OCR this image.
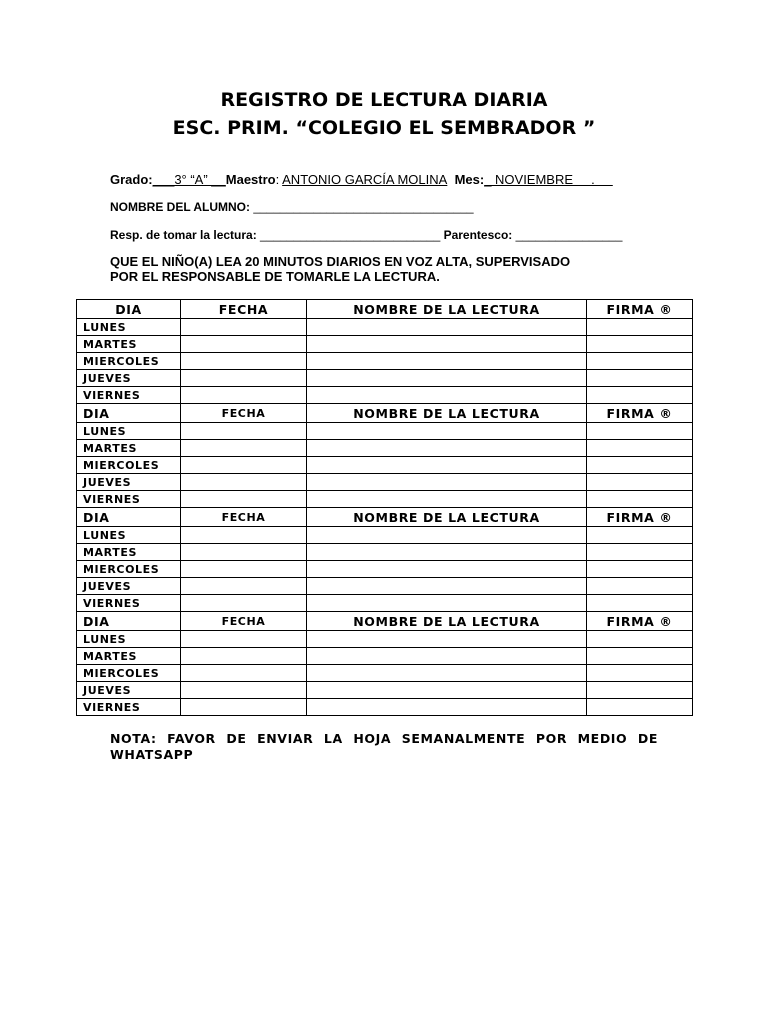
REGISTRO DE LECTURA DIARIA
ESC. PRIM. “COLEGIO EL SEMBRADOR ”
Grado:___3° “A” __Maestro: ANTONIO GARCÍA MOLINA Mes:_ NOVIEMBRE     .
NOMBRE DEL ALUMNO: _________________________________
Resp. de tomar la lectura: ___________________________ Parentesco: ________________
QUE EL NIÑO(A) LEA 20 MINUTOS DIARIOS EN VOZ ALTA, SUPERVISADO
POR EL RESPONSABLE DE TOMARLE LA LECTURA.
DIA	FECHA	NOMBRE DE LA LECTURA	FIRMA ®
LUNES			
MARTES			
MIERCOLES			
JUEVES			
VIERNES			
DIA	FECHA	NOMBRE DE LA LECTURA	FIRMA ®
LUNES			
MARTES			
MIERCOLES			
JUEVES			
VIERNES			
DIA	FECHA	NOMBRE DE LA LECTURA	FIRMA ®
LUNES			
MARTES			
MIERCOLES			
JUEVES			
VIERNES			
DIA	FECHA	NOMBRE DE LA LECTURA	FIRMA ®
LUNES			
MARTES			
MIERCOLES			
JUEVES			
VIERNES			
NOTA: FAVOR DE ENVIAR LA HOJA SEMANALMENTE POR MEDIO DE WHATSAPP
